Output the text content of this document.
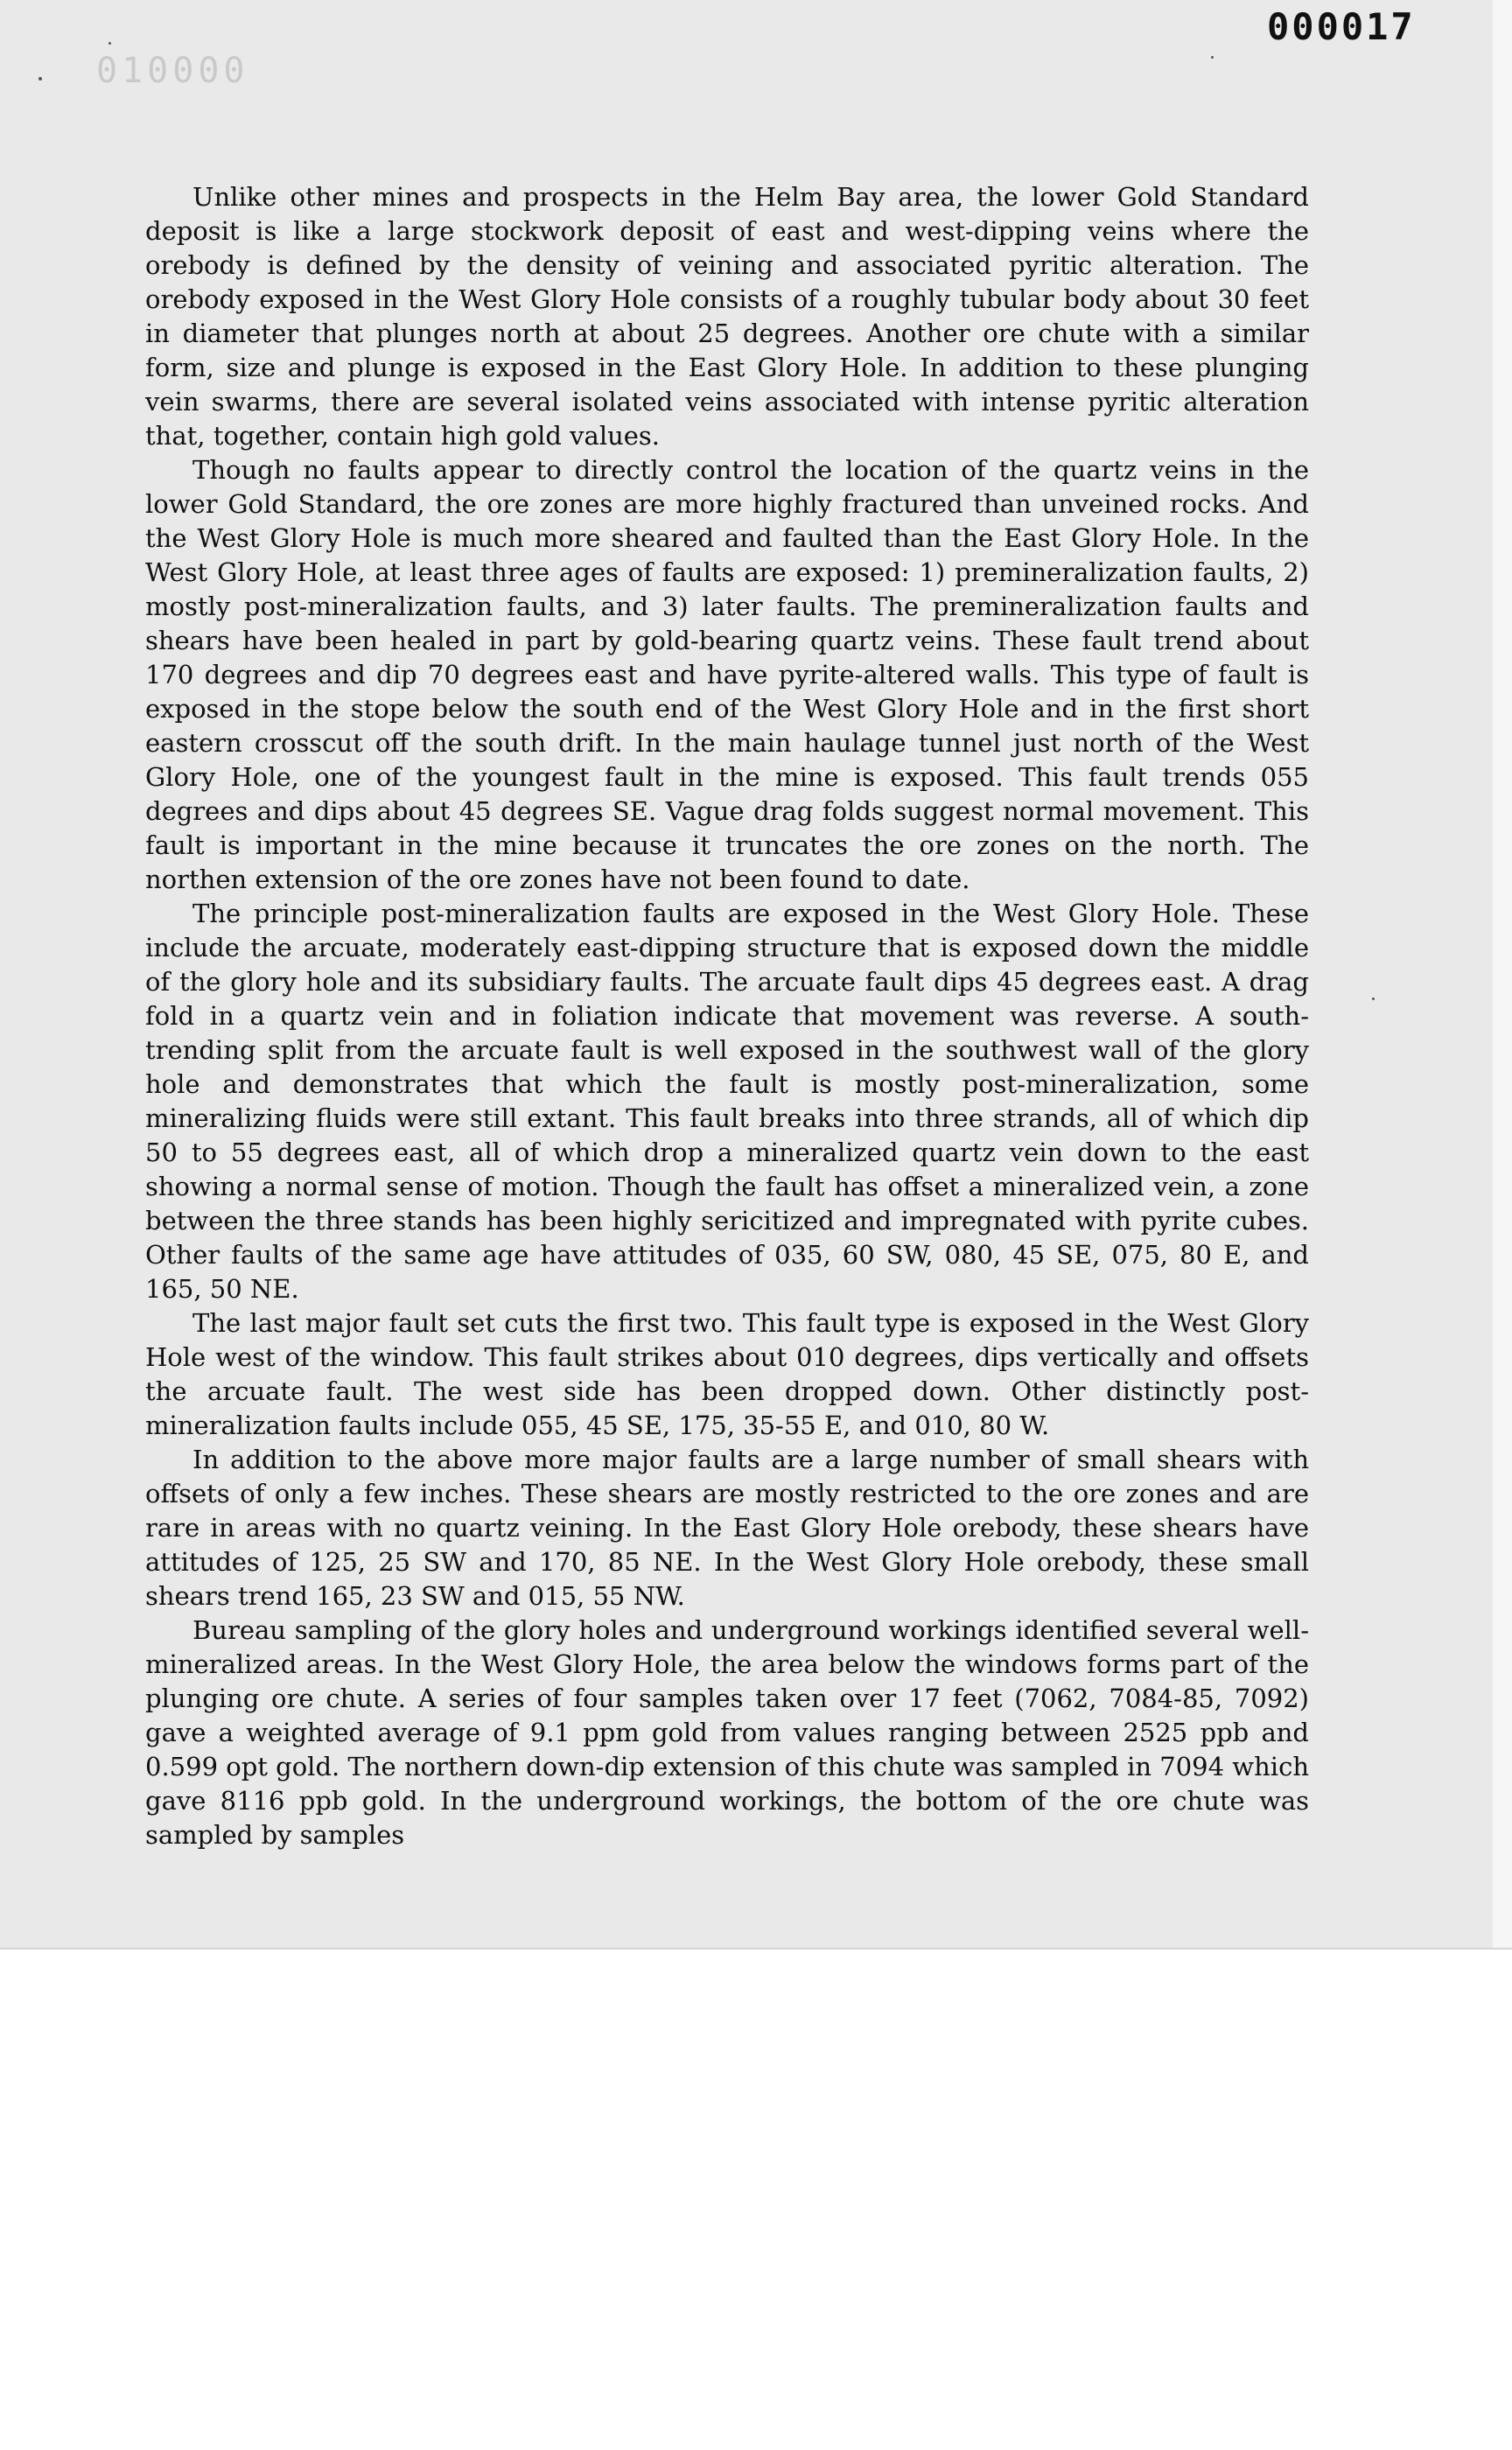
000017
010000

Unlike other mines and prospects in the Helm Bay area, the lower Gold Standard deposit is like a large stockwork deposit of east and west-dipping veins where the orebody is defined by the density of veining and associated pyritic alteration. The orebody exposed in the West Glory Hole consists of a roughly tubular body about 30 feet in diameter that plunges north at about 25 degrees. Another ore chute with a similar form, size and plunge is exposed in the East Glory Hole. In addition to these plunging vein swarms, there are several isolated veins associated with intense pyritic alteration that, together, contain high gold values.

Though no faults appear to directly control the location of the quartz veins in the lower Gold Standard, the ore zones are more highly fractured than unveined rocks. And the West Glory Hole is much more sheared and faulted than the East Glory Hole. In the West Glory Hole, at least three ages of faults are exposed: 1) premineralization faults, 2) mostly post-mineralization faults, and 3) later faults. The premineralization faults and shears have been healed in part by gold-bearing quartz veins. These fault trend about 170 degrees and dip 70 degrees east and have pyrite-altered walls. This type of fault is exposed in the stope below the south end of the West Glory Hole and in the first short eastern crosscut off the south drift. In the main haulage tunnel just north of the West Glory Hole, one of the youngest fault in the mine is exposed. This fault trends 055 degrees and dips about 45 degrees SE. Vague drag folds suggest normal movement. This fault is important in the mine because it truncates the ore zones on the north. The northen extension of the ore zones have not been found to date.

The principle post-mineralization faults are exposed in the West Glory Hole. These include the arcuate, moderately east-dipping structure that is exposed down the middle of the glory hole and its subsidiary faults. The arcuate fault dips 45 degrees east. A drag fold in a quartz vein and in foliation indicate that movement was reverse. A south-trending split from the arcuate fault is well exposed in the southwest wall of the glory hole and demonstrates that which the fault is mostly post-mineralization, some mineralizing fluids were still extant. This fault breaks into three strands, all of which dip 50 to 55 degrees east, all of which drop a mineralized quartz vein down to the east showing a normal sense of motion. Though the fault has offset a mineralized vein, a zone between the three stands has been highly sericitized and impregnated with pyrite cubes. Other faults of the same age have attitudes of 035, 60 SW, 080, 45 SE, 075, 80 E, and 165, 50 NE.

The last major fault set cuts the first two. This fault type is exposed in the West Glory Hole west of the window. This fault strikes about 010 degrees, dips vertically and offsets the arcuate fault. The west side has been dropped down. Other distinctly post-mineralization faults include 055, 45 SE, 175, 35-55 E, and 010, 80 W.

In addition to the above more major faults are a large number of small shears with offsets of only a few inches. These shears are mostly restricted to the ore zones and are rare in areas with no quartz veining. In the East Glory Hole orebody, these shears have attitudes of 125, 25 SW and 170, 85 NE. In the West Glory Hole orebody, these small shears trend 165, 23 SW and 015, 55 NW.

Bureau sampling of the glory holes and underground workings identified several well-mineralized areas. In the West Glory Hole, the area below the windows forms part of the plunging ore chute. A series of four samples taken over 17 feet (7062, 7084-85, 7092) gave a weighted average of 9.1 ppm gold from values ranging between 2525 ppb and 0.599 opt gold. The northern down-dip extension of this chute was sampled in 7094 which gave 8116 ppb gold. In the underground workings, the bottom of the ore chute was sampled by samples
